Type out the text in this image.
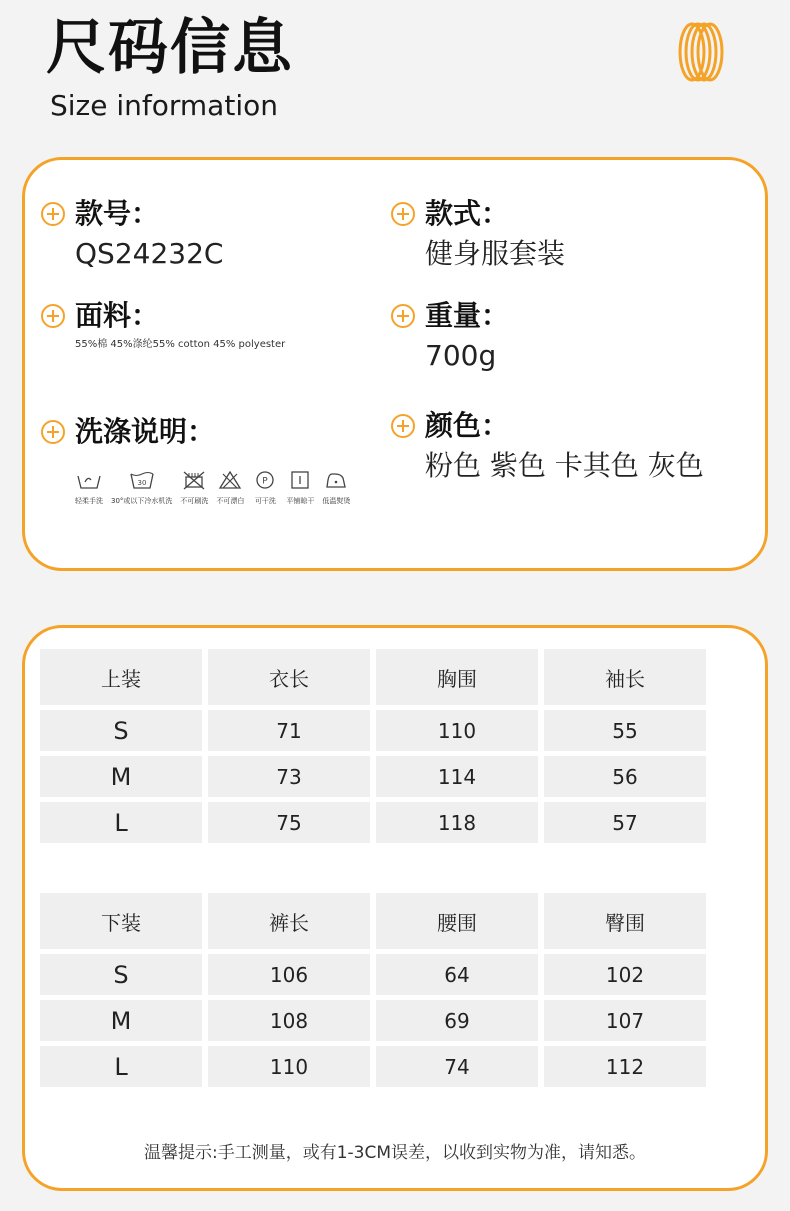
尺码信息
Size information
款号：
QS24232C
款式：
健身服套装
面料：
55%棉 45%涤纶55% cotton 45% polyester
重量：
700g
洗涤说明：	颜色：
粉色 紫色 卡其色 灰色
轻柔手洗
30
30°或以下冷水机洗 不可刷洗 不可漂白
P
可干洗 平铺晾干 低温熨烫
上装	衣长	胸围	袖长
S	71	110	55
M	73	114	56
L	75	118	57
下装	裤长	腰围	臀围
S	106	64	102
M	108	69	107
L	110	74	112
温馨提示:手工测量，或有1-3CM误差，以收到实物为准，请知悉。
